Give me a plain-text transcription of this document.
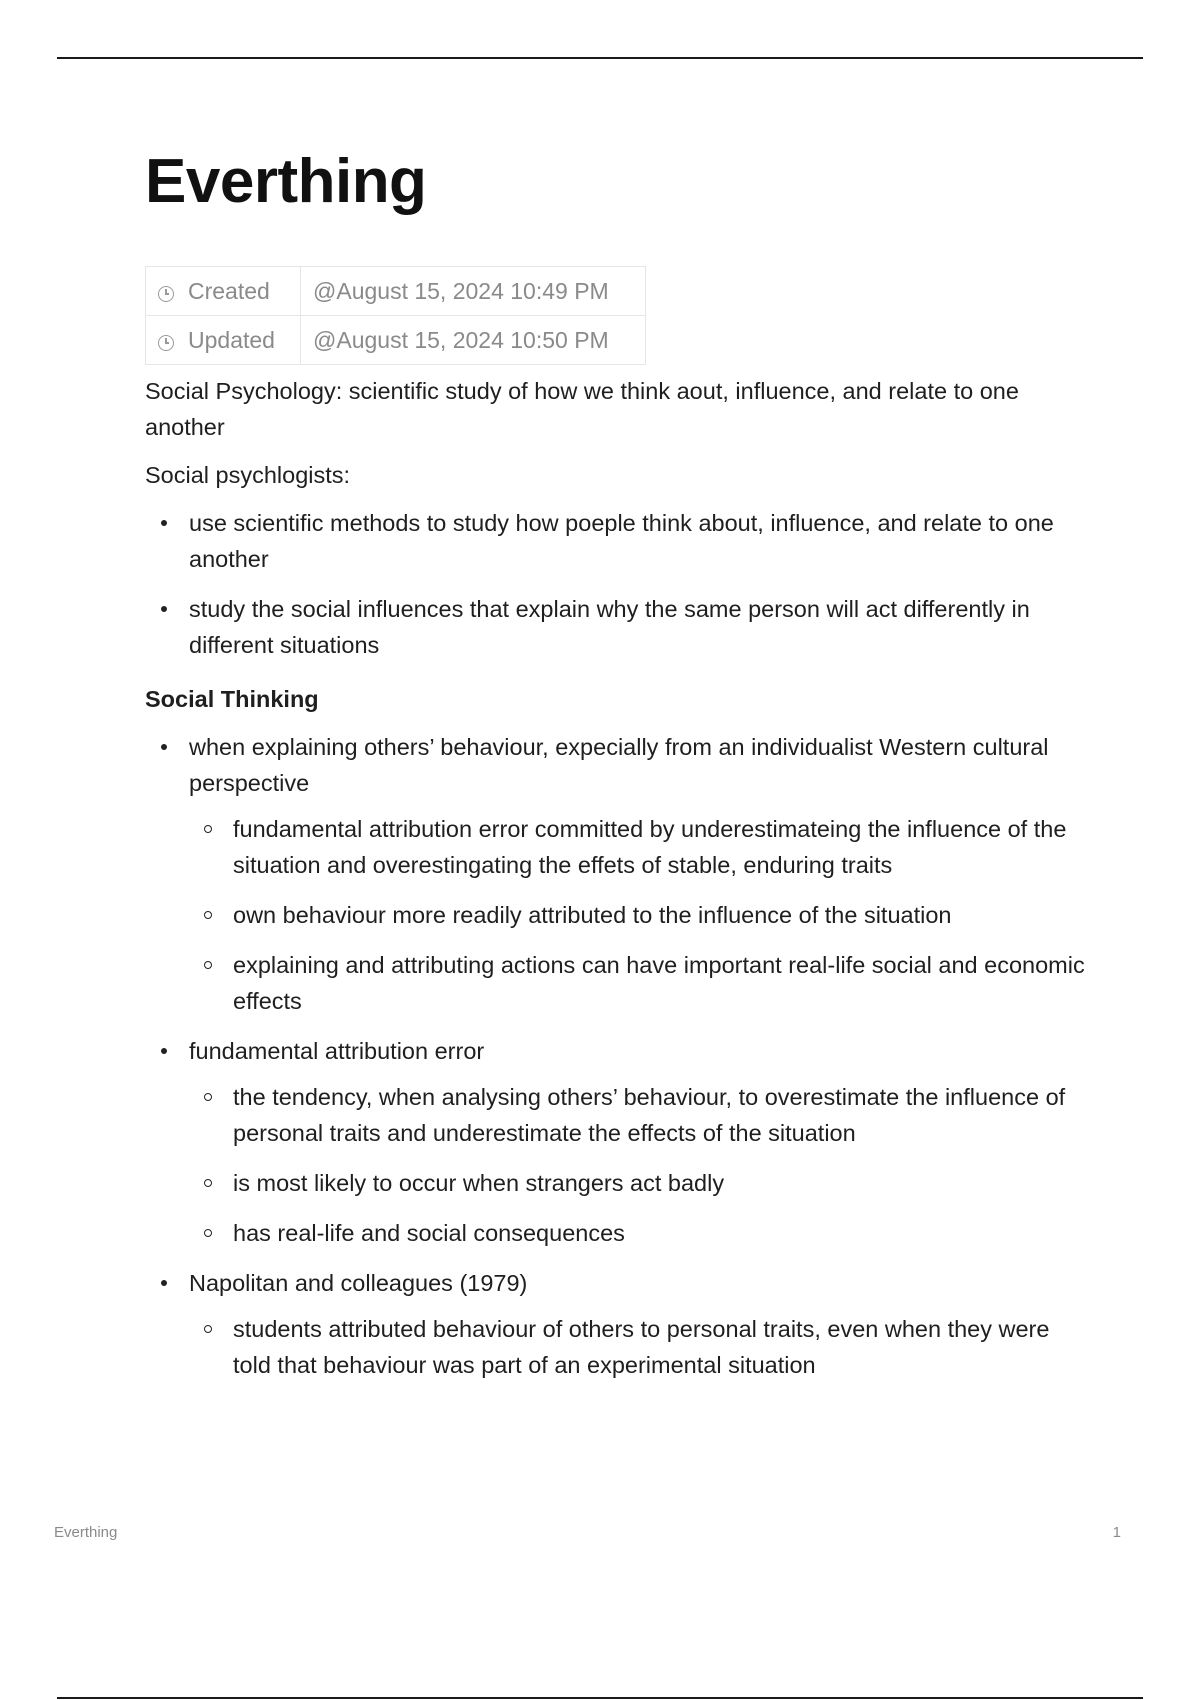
Everthing
Created	@August 15, 2024 10:49 PM
Updated	@August 15, 2024 10:50 PM

Social Psychology: scientific study of how we think aout, influence, and relate to one another

Social psychlogists:

use scientific methods to study how poeple think about, influence, and relate to one another
study the social influences that explain why the same person will act differently in different situations

Social Thinking

when explaining others’ behaviour, expecially from an individualist Western cultural perspective
fundamental attribution error committed by underestimateing the influence of the situation and overestingating the effets of stable, enduring traits
own behaviour more readily attributed to the influence of the situation
explaining and attributing actions can have important real-life social and economic effects
fundamental attribution error
the tendency, when analysing others’ behaviour, to overestimate the influence of personal traits and underestimate the effects of the situation
is most likely to occur when strangers act badly
has real-life and social consequences
Napolitan and colleagues (1979)
students attributed behaviour of others to personal traits, even when they were told that behaviour was part of an experimental situation
Everthing	1
